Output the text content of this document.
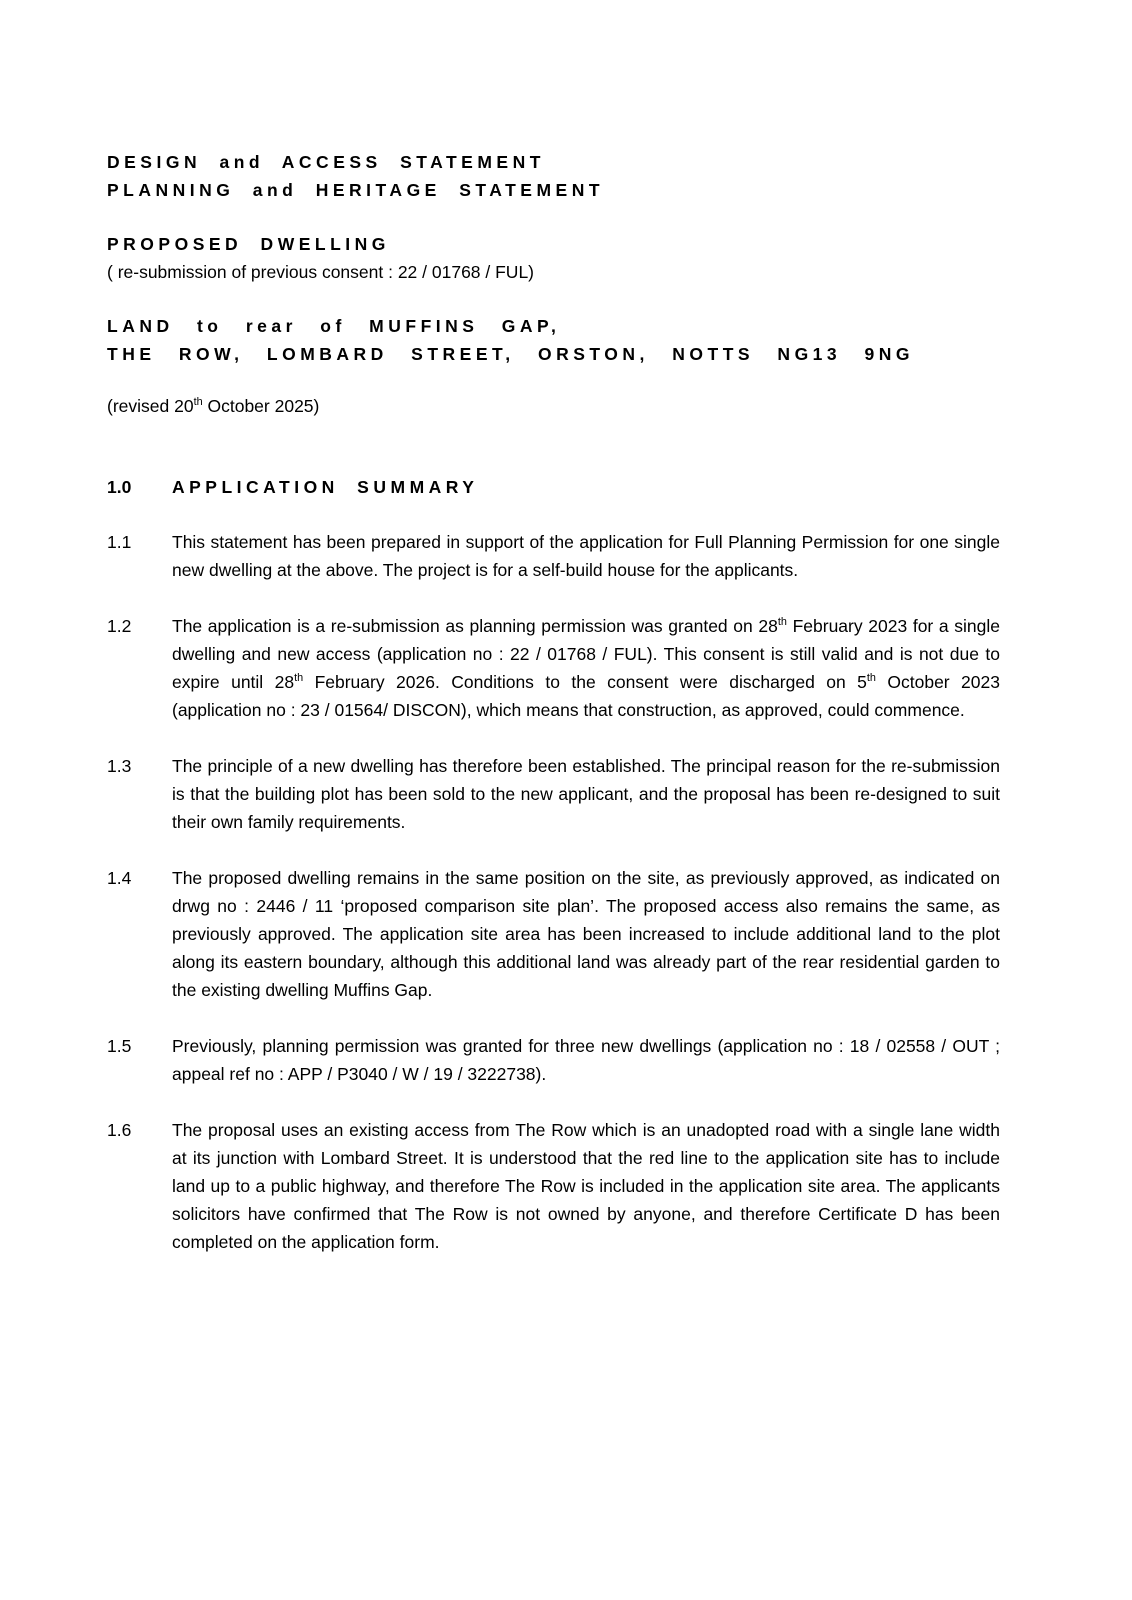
DESIGN and ACCESS STATEMENT
PLANNING and HERITAGE STATEMENT
PROPOSED DWELLING
( re-submission of previous consent : 22 / 01768 / FUL)
LAND to rear of MUFFINS GAP,
THE ROW, LOMBARD STREET, ORSTON, NOTTS NG13 9NG
(revised 20th October 2025)
1.0	APPLICATION SUMMARY
1.1	This statement has been prepared in support of the application for Full Planning Permission for one single new dwelling at the above. The project is for a self-build house for the applicants.

1.2	The application is a re-submission as planning permission was granted on 28th February 2023 for a single dwelling and new access (application no : 22 / 01768 / FUL). This consent is still valid and is not due to expire until 28th February 2026. Conditions to the consent were discharged on 5th October 2023 (application no : 23 / 01564/ DISCON), which means that construction, as approved, could commence.

1.3	The principle of a new dwelling has therefore been established. The principal reason for the re-submission is that the building plot has been sold to the new applicant, and the proposal has been re-designed to suit their own family requirements.

1.4	The proposed dwelling remains in the same position on the site, as previously approved, as indicated on drwg no : 2446 / 11 ‘proposed comparison site plan’. The proposed access also remains the same, as previously approved. The application site area has been increased to include additional land to the plot along its eastern boundary, although this additional land was already part of the rear residential garden to the existing dwelling Muffins Gap.

1.5	Previously, planning permission was granted for three new dwellings (application no : 18 / 02558 / OUT ; appeal ref no : APP / P3040 / W / 19 / 3222738).

1.6	The proposal uses an existing access from The Row which is an unadopted road with a single lane width at its junction with Lombard Street. It is understood that the red line to the application site has to include land up to a public highway, and therefore The Row is included in the application site area. The applicants solicitors have confirmed that The Row is not owned by anyone, and therefore Certificate D has been completed on the application form.
